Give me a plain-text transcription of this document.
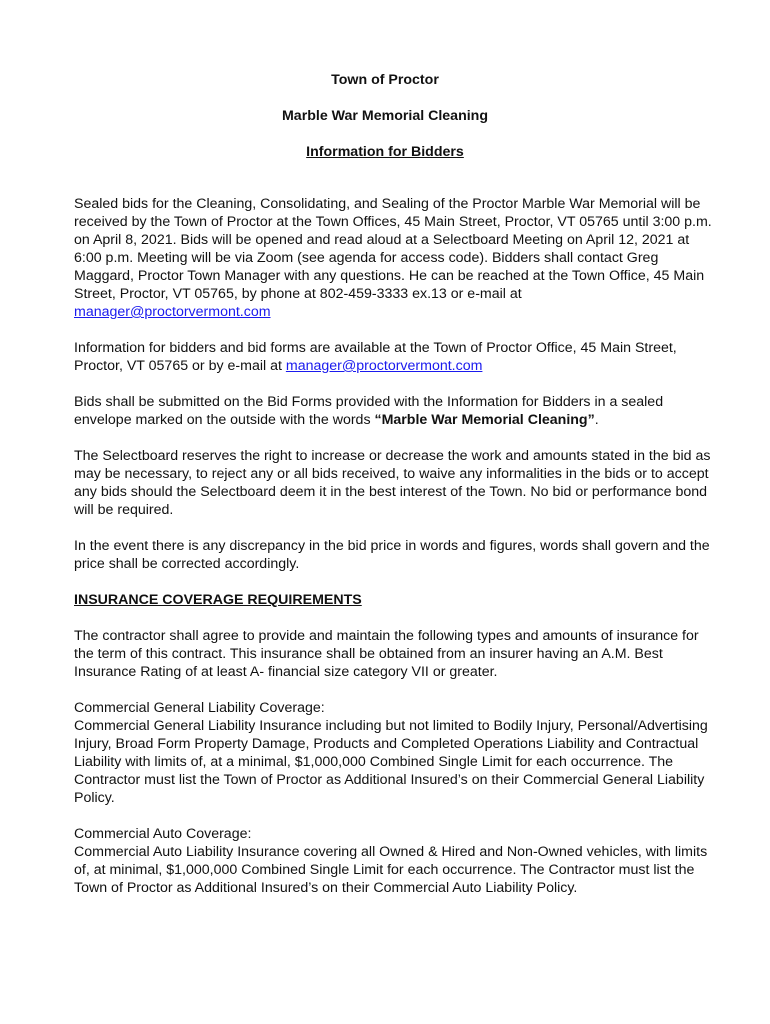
Town of Proctor
Marble War Memorial Cleaning
Information for Bidders

Sealed bids for the Cleaning, Consolidating, and Sealing of the Proctor Marble War Memorial will be received by the Town of Proctor at the Town Offices, 45 Main Street, Proctor, VT 05765 until 3:00 p.m. on April 8, 2021. Bids will be opened and read aloud at a Selectboard Meeting on April 12, 2021 at 6:00 p.m. Meeting will be via Zoom (see agenda for access code). Bidders shall contact Greg Maggard, Proctor Town Manager with any questions. He can be reached at the Town Office, 45 Main Street, Proctor, VT 05765, by phone at 802-459-3333 ex.13 or e-mail at manager@proctorvermont.com

Information for bidders and bid forms are available at the Town of Proctor Office, 45 Main Street, Proctor, VT 05765 or by e-mail at manager@proctorvermont.com

Bids shall be submitted on the Bid Forms provided with the Information for Bidders in a sealed envelope marked on the outside with the words “Marble War Memorial Cleaning”.

The Selectboard reserves the right to increase or decrease the work and amounts stated in the bid as may be necessary, to reject any or all bids received, to waive any informalities in the bids or to accept any bids should the Selectboard deem it in the best interest of the Town. No bid or performance bond will be required.

In the event there is any discrepancy in the bid price in words and figures, words shall govern and the price shall be corrected accordingly.

INSURANCE COVERAGE REQUIREMENTS

The contractor shall agree to provide and maintain the following types and amounts of insurance for the term of this contract. This insurance shall be obtained from an insurer having an A.M. Best Insurance Rating of at least A- financial size category VII or greater.

Commercial General Liability Coverage:
Commercial General Liability Insurance including but not limited to Bodily Injury, Personal/Advertising Injury, Broad Form Property Damage, Products and Completed Operations Liability and Contractual Liability with limits of, at a minimal, $1,000,000 Combined Single Limit for each occurrence. The Contractor must list the Town of Proctor as Additional Insured’s on their Commercial General Liability Policy.

Commercial Auto Coverage:
Commercial Auto Liability Insurance covering all Owned & Hired and Non-Owned vehicles, with limits of, at minimal, $1,000,000 Combined Single Limit for each occurrence. The Contractor must list the Town of Proctor as Additional Insured’s on their Commercial Auto Liability Policy.
